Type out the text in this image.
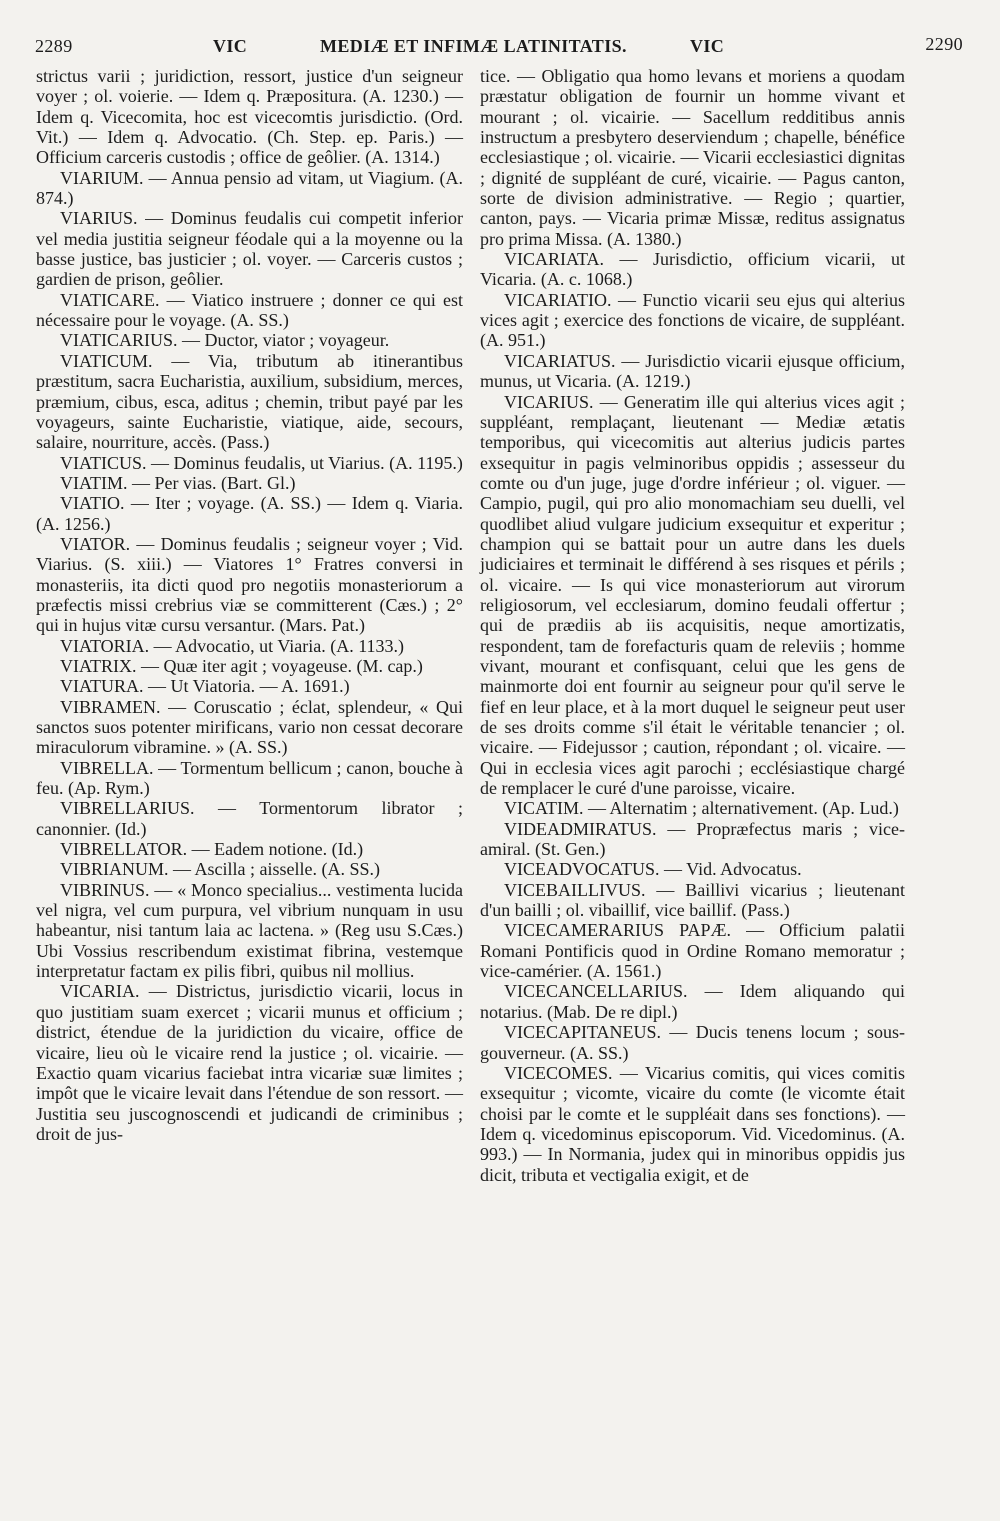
2289	VIC	MEDIÆ ET INFIMÆ LATINITATIS.	VIC	2290

strictus varii ; juridiction, ressort, justice d'un seigneur voyer ; ol. voierie. — Idem q. Præpositura. (A. 1230.) — Idem q. Vicecomita, hoc est vicecomtis jurisdictio. (Ord. Vit.) — Idem q. Advocatio. (Ch. Step. ep. Paris.) — Officium carceris custodis ; office de geôlier. (A. 1314.)

VIARIUM. — Annua pensio ad vitam, ut Viagium. (A. 874.)

VIARIUS. — Dominus feudalis cui competit inferior vel media justitia seigneur féodale qui a la moyenne ou la basse justice, bas justicier ; ol. voyer. — Carceris custos ; gardien de prison, geôlier.

VIATICARE. — Viatico instruere ; donner ce qui est nécessaire pour le voyage. (A. SS.)

VIATICARIUS. — Ductor, viator ; voyageur.

VIATICUM. — Via, tributum ab itinerantibus præstitum, sacra Eucharistia, auxilium, subsidium, merces, præmium, cibus, esca, aditus ; chemin, tribut payé par les voyageurs, sainte Eucharistie, viatique, aide, secours, salaire, nourriture, accès. (Pass.)

VIATICUS. — Dominus feudalis, ut Viarius. (A. 1195.)

VIATIM. — Per vias. (Bart. Gl.)

VIATIO. — Iter ; voyage. (A. SS.) — Idem q. Viaria. (A. 1256.)

VIATOR. — Dominus feudalis ; seigneur voyer ; Vid. Viarius. (S. xiii.) — Viatores 1° Fratres conversi in monasteriis, ita dicti quod pro negotiis monasteriorum a præfectis missi crebrius viæ se committerent (Cæs.) ; 2° qui in hujus vitæ cursu versantur. (Mars. Pat.)

VIATORIA. — Advocatio, ut Viaria. (A. 1133.)

VIATRIX. — Quæ iter agit ; voyageuse. (M. cap.)

VIATURA. — Ut Viatoria. — A. 1691.)

VIBRAMEN. — Coruscatio ; éclat, splendeur, « Qui sanctos suos potenter mirificans, vario non cessat decorare miraculorum vibramine. » (A. SS.)

VIBRELLA. — Tormentum bellicum ; canon, bouche à feu. (Ap. Rym.)

VIBRELLARIUS. — Tormentorum librator ; canonnier. (Id.)

VIBRELLATOR. — Eadem notione. (Id.)

VIBRIANUM. — Ascilla ; aisselle. (A. SS.)

VIBRINUS. — « Monco specialius... vestimenta lucida vel nigra, vel cum purpura, vel vibrium nunquam in usu habeantur, nisi tantum laia ac lactena. » (Reg usu S.Cæs.) Ubi Vossius rescribendum existimat fibrina, vestemque interpretatur factam ex pilis fibri, quibus nil mollius.

VICARIA. — Districtus, jurisdictio vicarii, locus in quo justitiam suam exercet ; vicarii munus et officium ; district, étendue de la juridiction du vicaire, office de vicaire, lieu où le vicaire rend la justice ; ol. vicairie. — Exactio quam vicarius faciebat intra vicariæ suæ limites ; impôt que le vicaire levait dans l'étendue de son ressort. — Justitia seu juscognoscendi et judicandi de criminibus ; droit de jus-

tice. — Obligatio qua homo levans et moriens a quodam præstatur obligation de fournir un homme vivant et mourant ; ol. vicairie. — Sacellum redditibus annis instructum a presbytero deserviendum ; chapelle, bénéfice ecclesiastique ; ol. vicairie. — Vicarii ecclesiastici dignitas ; dignité de suppléant de curé, vicairie. — Pagus canton, sorte de division administrative. — Regio ; quartier, canton, pays. — Vicaria primæ Missæ, reditus assignatus pro prima Missa. (A. 1380.)

VICARIATA. — Jurisdictio, officium vicarii, ut Vicaria. (A. c. 1068.)

VICARIATIO. — Functio vicarii seu ejus qui alterius vices agit ; exercice des fonctions de vicaire, de suppléant. (A. 951.)

VICARIATUS. — Jurisdictio vicarii ejusque officium, munus, ut Vicaria. (A. 1219.)

VICARIUS. — Generatim ille qui alterius vices agit ; suppléant, remplaçant, lieutenant — Mediæ ætatis temporibus, qui vicecomitis aut alterius judicis partes exsequitur in pagis velminoribus oppidis ; assesseur du comte ou d'un juge, juge d'ordre inférieur ; ol. viguer. —Campio, pugil, qui pro alio monomachiam seu duelli, vel quodlibet aliud vulgare judicium exsequitur et experitur ; champion qui se battait pour un autre dans les duels judiciaires et terminait le différend à ses risques et périls ; ol. vicaire. — Is qui vice monasteriorum aut virorum religiosorum, vel ecclesiarum, domino feudali offertur ; qui de prædiis ab iis acquisitis, neque amortizatis, respondent, tam de forefacturis quam de releviis ; homme vivant, mourant et confisquant, celui que les gens de mainmorte doi ent fournir au seigneur pour qu'il serve le fief en leur place, et à la mort duquel le seigneur peut user de ses droits comme s'il était le véritable tenancier ; ol. vicaire. — Fidejussor ; caution, répondant ; ol. vicaire. — Qui in ecclesia vices agit parochi ; ecclésiastique chargé de remplacer le curé d'une paroisse, vicaire.

VICATIM. — Alternatim ; alternativement. (Ap. Lud.)

VIDEADMIRATUS. — Propræfectus maris ; vice-amiral. (St. Gen.)

VICEADVOCATUS. — Vid. Advocatus.

VICEBAILLIVUS. — Baillivi vicarius ; lieutenant d'un bailli ; ol. vibaillif, vice baillif. (Pass.)

VICECAMERARIUS PAPÆ. — Officium palatii Romani Pontificis quod in Ordine Romano memoratur ; vice-camérier. (A. 1561.)

VICECANCELLARIUS. — Idem aliquando qui notarius. (Mab. De re dipl.)

VICECAPITANEUS. — Ducis tenens locum ; sous-gouverneur. (A. SS.)

VICECOMES. — Vicarius comitis, qui vices comitis exsequitur ; vicomte, vicaire du comte (le vicomte était choisi par le comte et le suppléait dans ses fonctions). — Idem q. vicedominus episcoporum. Vid. Vicedominus. (A. 993.) — In Normania, judex qui in minoribus oppidis jus dicit, tributa et vectigalia exigit, et de
